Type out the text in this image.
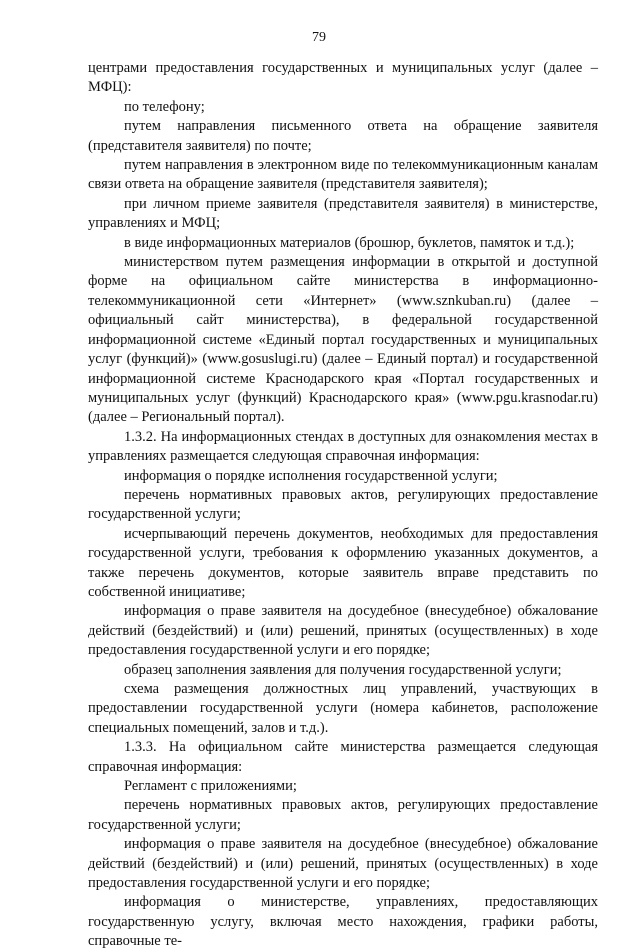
79

центрами предоставления государственных и муниципальных услуг (далее – МФЦ):

по телефону;

путем направления письменного ответа на обращение заявителя (представителя заявителя) по почте;

путем направления в электронном виде по телекоммуникационным каналам связи ответа на обращение заявителя (представителя заявителя);

при личном приеме заявителя (представителя заявителя) в министерстве, управлениях и МФЦ;

в виде информационных материалов (брошюр, буклетов, памяток и т.д.);

министерством путем размещения информации в открытой и доступной форме на официальном сайте министерства в информационно-телекоммуникационной сети «Интернет» (www.sznkuban.ru) (далее – официальный сайт министерства), в федеральной государственной информационной системе «Единый портал государственных и муниципальных услуг (функций)» (www.gosuslugi.ru) (далее – Единый портал) и государственной информационной системе Краснодарского края «Портал государственных и муниципальных услуг (функций) Краснодарского края» (www.pgu.krasnodar.ru) (далее – Региональный портал).

1.3.2. На информационных стендах в доступных для ознакомления местах в управлениях размещается следующая справочная информация:

информация о порядке исполнения государственной услуги;

перечень нормативных правовых актов, регулирующих предоставление государственной услуги;

исчерпывающий перечень документов, необходимых для предоставления государственной услуги, требования к оформлению указанных документов, а также перечень документов, которые заявитель вправе представить по собственной инициативе;

информация о праве заявителя на досудебное (внесудебное) обжалование действий (бездействий) и (или) решений, принятых (осуществленных) в ходе предоставления государственной услуги и его порядке;

образец заполнения заявления для получения государственной услуги;

схема размещения должностных лиц управлений, участвующих в предоставлении государственной услуги (номера кабинетов, расположение специальных помещений, залов и т.д.).

1.3.3. На официальном сайте министерства размещается следующая справочная информация:

Регламент с приложениями;

перечень нормативных правовых актов, регулирующих предоставление государственной услуги;

информация о праве заявителя на досудебное (внесудебное) обжалование действий (бездействий) и (или) решений, принятых (осуществленных) в ходе предоставления государственной услуги и его порядке;

информация о министерстве, управлениях, предоставляющих государственную услугу, включая место нахождения, графики работы, справочные те-
